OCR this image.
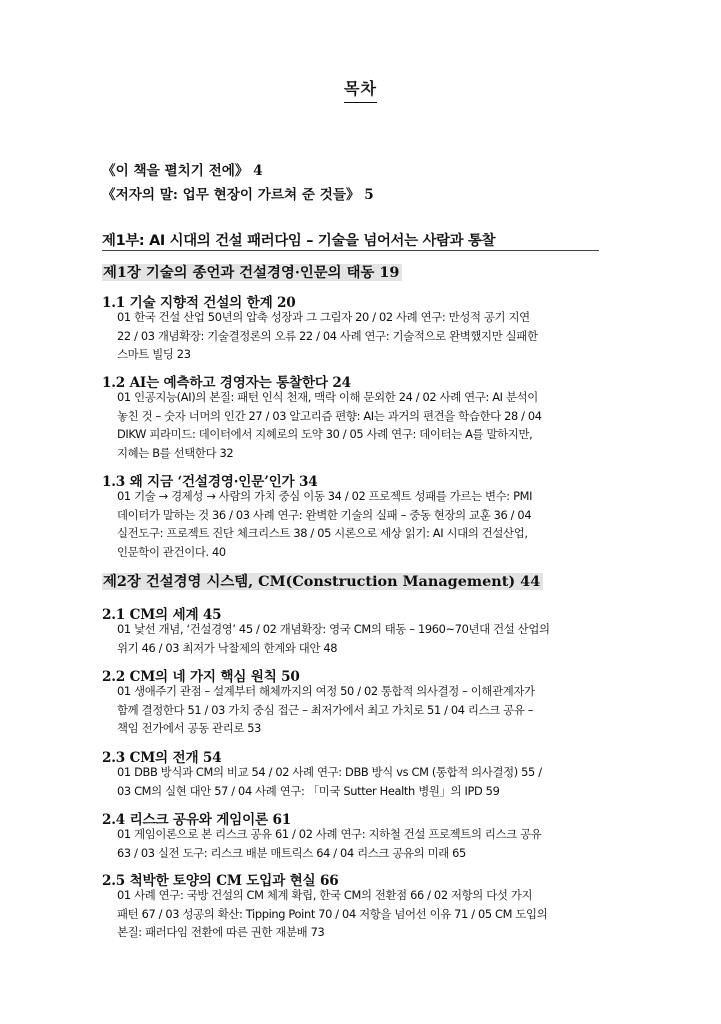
목차
《이 책을 펼치기 전에》 4
《저자의 말: 업무 현장이 가르쳐 준 것들》 5
제1부: AI 시대의 건설 패러다임 – 기술을 넘어서는 사람과 통찰
제1장 기술의 종언과 건설경영·인문의 태동 19
1.1 기술 지향적 건설의 한계 20

01 한국 건설 산업 50년의 압축 성장과 그 그림자 20 / 02 사례 연구: 만성적 공기 지연

22 / 03 개념확장: 기술결정론의 오류 22 / 04 사례 연구: 기술적으로 완벽했지만 실패한

스마트 빌딩 23

1.2 AI는 예측하고 경영자는 통찰한다 24

01 인공지능(AI)의 본질: 패턴 인식 천재, 맥락 이해 문외한 24 / 02 사례 연구: AI 분석이

놓친 것 – 숫자 너머의 인간 27 / 03 알고리즘 편향: AI는 과거의 편견을 학습한다 28 / 04

DIKW 피라미드: 데이터에서 지혜로의 도약 30 / 05 사례 연구: 데이터는 A를 말하지만,

지혜는 B를 선택한다 32

1.3 왜 지금 ‘건설경영·인문’인가 34

01 기술 → 경제성 → 사람의 가치 중심 이동 34 / 02 프로젝트 성패를 가르는 변수: PMI

데이터가 말하는 것 36 / 03 사례 연구: 완벽한 기술의 실패 – 중동 현장의 교훈 36 / 04

실전도구: 프로젝트 진단 체크리스트 38 / 05 시론으로 세상 읽기: AI 시대의 건설산업,

인문학이 관건이다. 40

제2장 건설경영 시스템, CM(Construction Management) 44
2.1 CM의 세계 45

01 낯선 개념, ‘건설경영’ 45 / 02 개념확장: 영국 CM의 태동 – 1960~70년대 건설 산업의

위기 46 / 03 최저가 낙찰제의 한계와 대안 48

2.2 CM의 네 가지 핵심 원칙 50

01 생애주기 관점 – 설계부터 해체까지의 여정 50 / 02 통합적 의사결정 – 이해관계자가

함께 결정한다 51 / 03 가치 중심 접근 – 최저가에서 최고 가치로 51 / 04 리스크 공유 –

책임 전가에서 공동 관리로 53

2.3 CM의 전개 54

01 DBB 방식과 CM의 비교 54 / 02 사례 연구: DBB 방식 vs CM (통합적 의사결정) 55 /

03 CM의 실현 대안 57 / 04 사례 연구: 「미국 Sutter Health 병원」의 IPD 59

2.4 리스크 공유와 게임이론 61

01 게임이론으로 본 리스크 공유 61 / 02 사례 연구: 지하철 건설 프로젝트의 리스크 공유

63 / 03 실전 도구: 리스크 배분 매트릭스 64 / 04 리스크 공유의 미래 65

2.5 척박한 토양의 CM 도입과 현실 66

01 사례 연구: 국방 건설의 CM 체계 확립, 한국 CM의 전환점 66 / 02 저항의 다섯 가지

패턴 67 / 03 성공의 확산: Tipping Point 70 / 04 저항을 넘어선 이유 71 / 05 CM 도입의

본질: 패러다임 전환에 따른 권한 재분배 73
